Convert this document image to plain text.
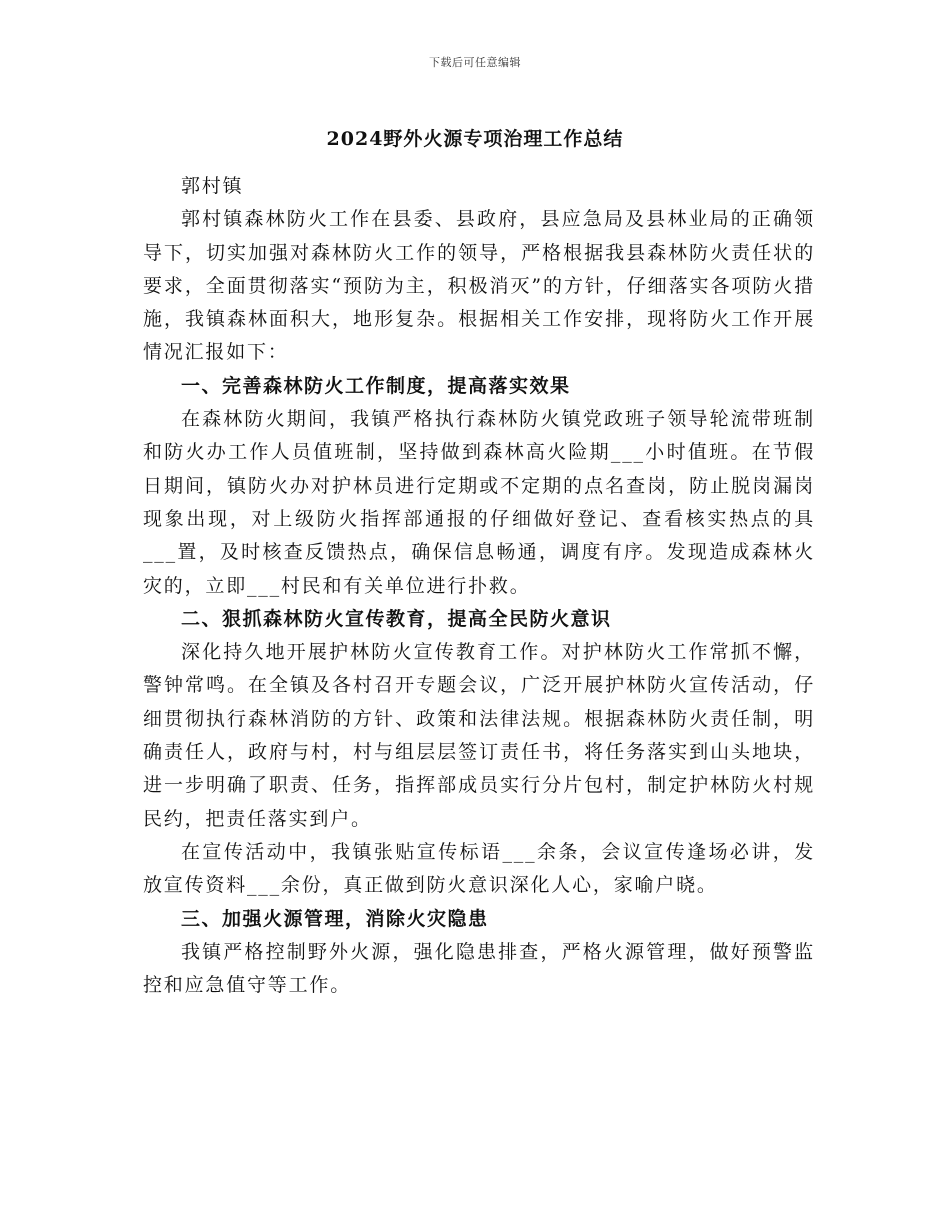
下载后可任意编辑
2024野外火源专项治理工作总结

郭村镇

郭村镇森林防火工作在县委、县政府，县应急局及县林业局的正确领导下，切实加强对森林防火工作的领导，严格根据我县森林防火责任状的要求，全面贯彻落实“预防为主，积极消灭”的方针，仔细落实各项防火措施，我镇森林面积大，地形复杂。根据相关工作安排，现将防火工作开展情况汇报如下：

一、完善森林防火工作制度，提高落实效果

在森林防火期间，我镇严格执行森林防火镇党政班子领导轮流带班制和防火办工作人员值班制，坚持做到森林高火险期___小时值班。在节假日期间，镇防火办对护林员进行定期或不定期的点名查岗，防止脱岗漏岗现象出现，对上级防火指挥部通报的仔细做好登记、查看核实热点的具___置，及时核查反馈热点，确保信息畅通，调度有序。发现造成森林火灾的，立即___村民和有关单位进行扑救。

二、狠抓森林防火宣传教育，提高全民防火意识

深化持久地开展护林防火宣传教育工作。对护林防火工作常抓不懈，警钟常鸣。在全镇及各村召开专题会议，广泛开展护林防火宣传活动，仔细贯彻执行森林消防的方针、政策和法律法规。根据森林防火责任制，明确责任人，政府与村，村与组层层签订责任书，将任务落实到山头地块，进一步明确了职责、任务，指挥部成员实行分片包村，制定护林防火村规民约，把责任落实到户。

在宣传活动中，我镇张贴宣传标语___余条，会议宣传逢场必讲，发放宣传资料___余份，真正做到防火意识深化人心，家喻户晓。

三、加强火源管理，消除火灾隐患

我镇严格控制野外火源，强化隐患排查，严格火源管理，做好预警监控和应急值守等工作。
